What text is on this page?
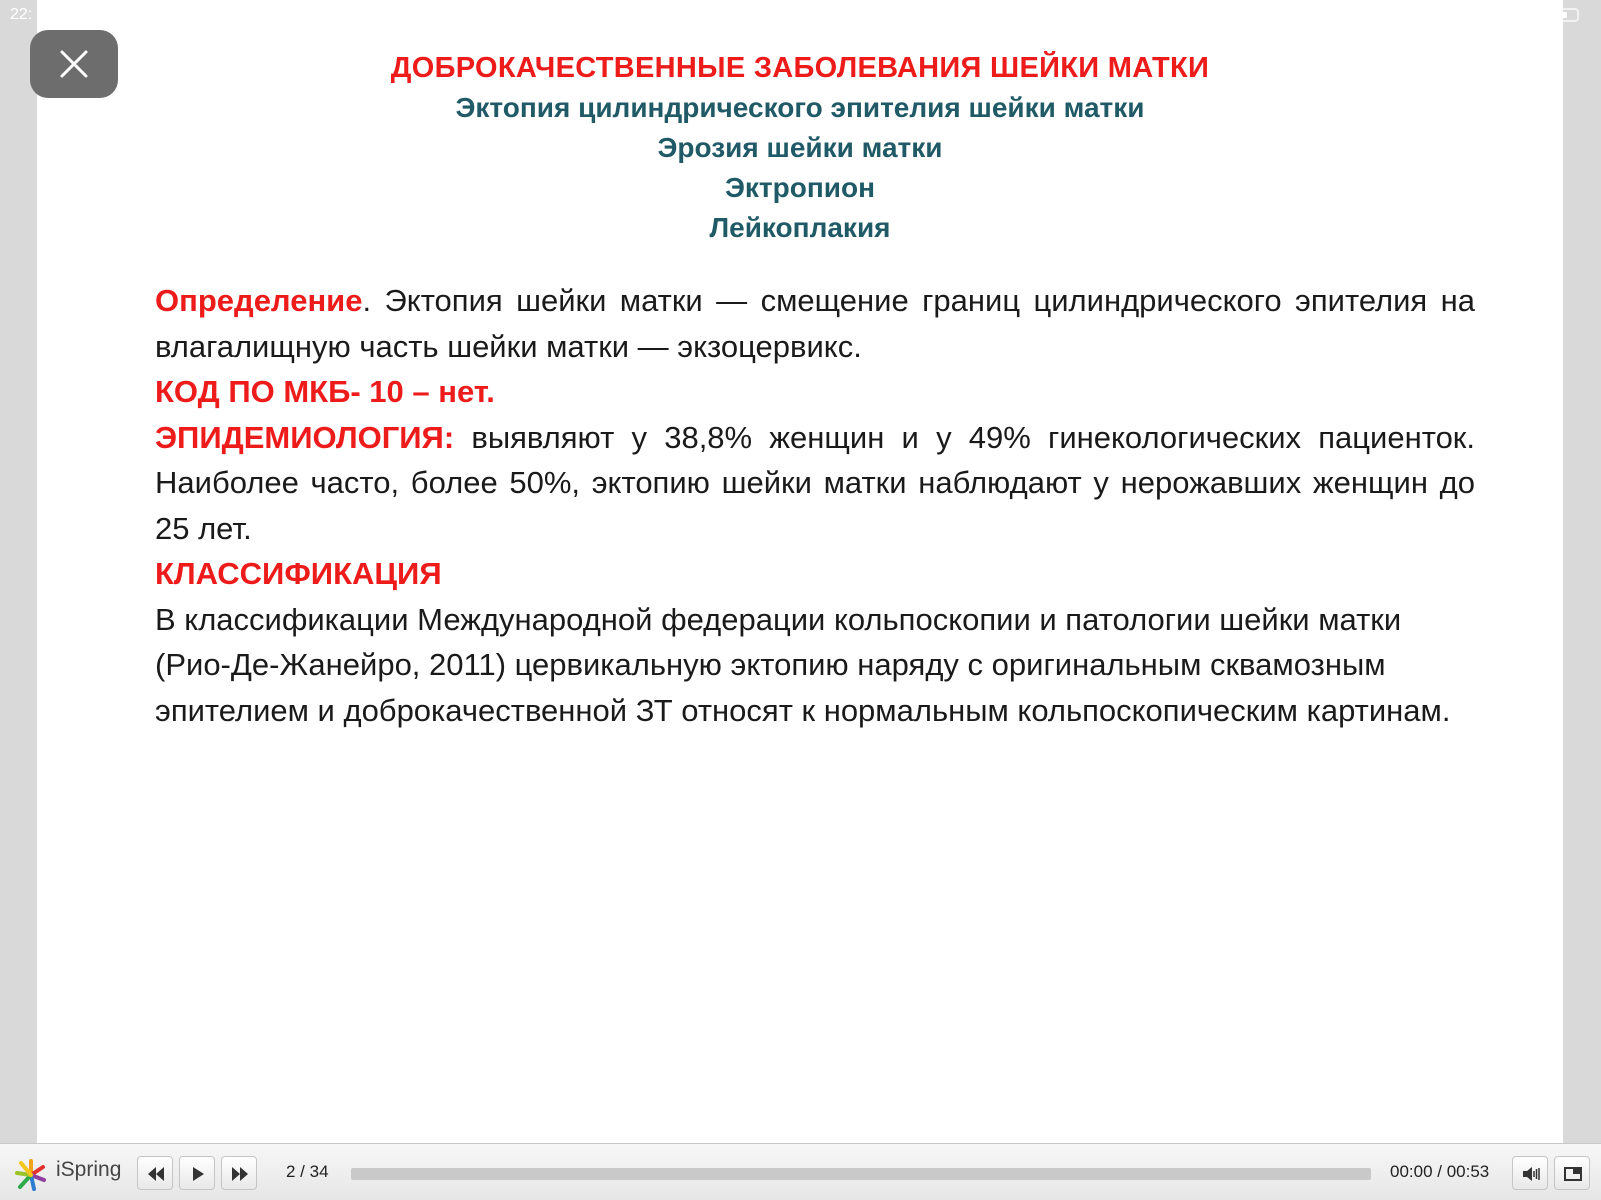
22:
ДОБРОКАЧЕСТВЕННЫЕ ЗАБОЛЕВАНИЯ ШЕЙКИ МАТКИ
Эктопия цилиндрического эпителия шейки матки
Эрозия шейки матки
Эктропион
Лейкоплакия

Определение. Эктопия шейки матки — смещение границ цилиндрического эпителия на влагалищную часть шейки матки — экзоцервикс.

КОД ПО МКБ- 10 – нет.

ЭПИДЕМИОЛОГИЯ: выявляют у 38,8% женщин и у 49% гинекологических пациенток. Наиболее часто, более 50%, эктопию шейки матки наблюдают у нерожавших женщин до 25 лет.

КЛАССИФИКАЦИЯ

В классификации Международной федерации кольпоскопии и патологии шейки матки (Рио-Де-Жанейро, 2011) цервикальную эктопию наряду с оригинальным сквамозным эпителием и доброкачественной ЗТ относят к нормальным кольпоскопическим картинам.

iSpring	2 / 34	00:00 / 00:53
